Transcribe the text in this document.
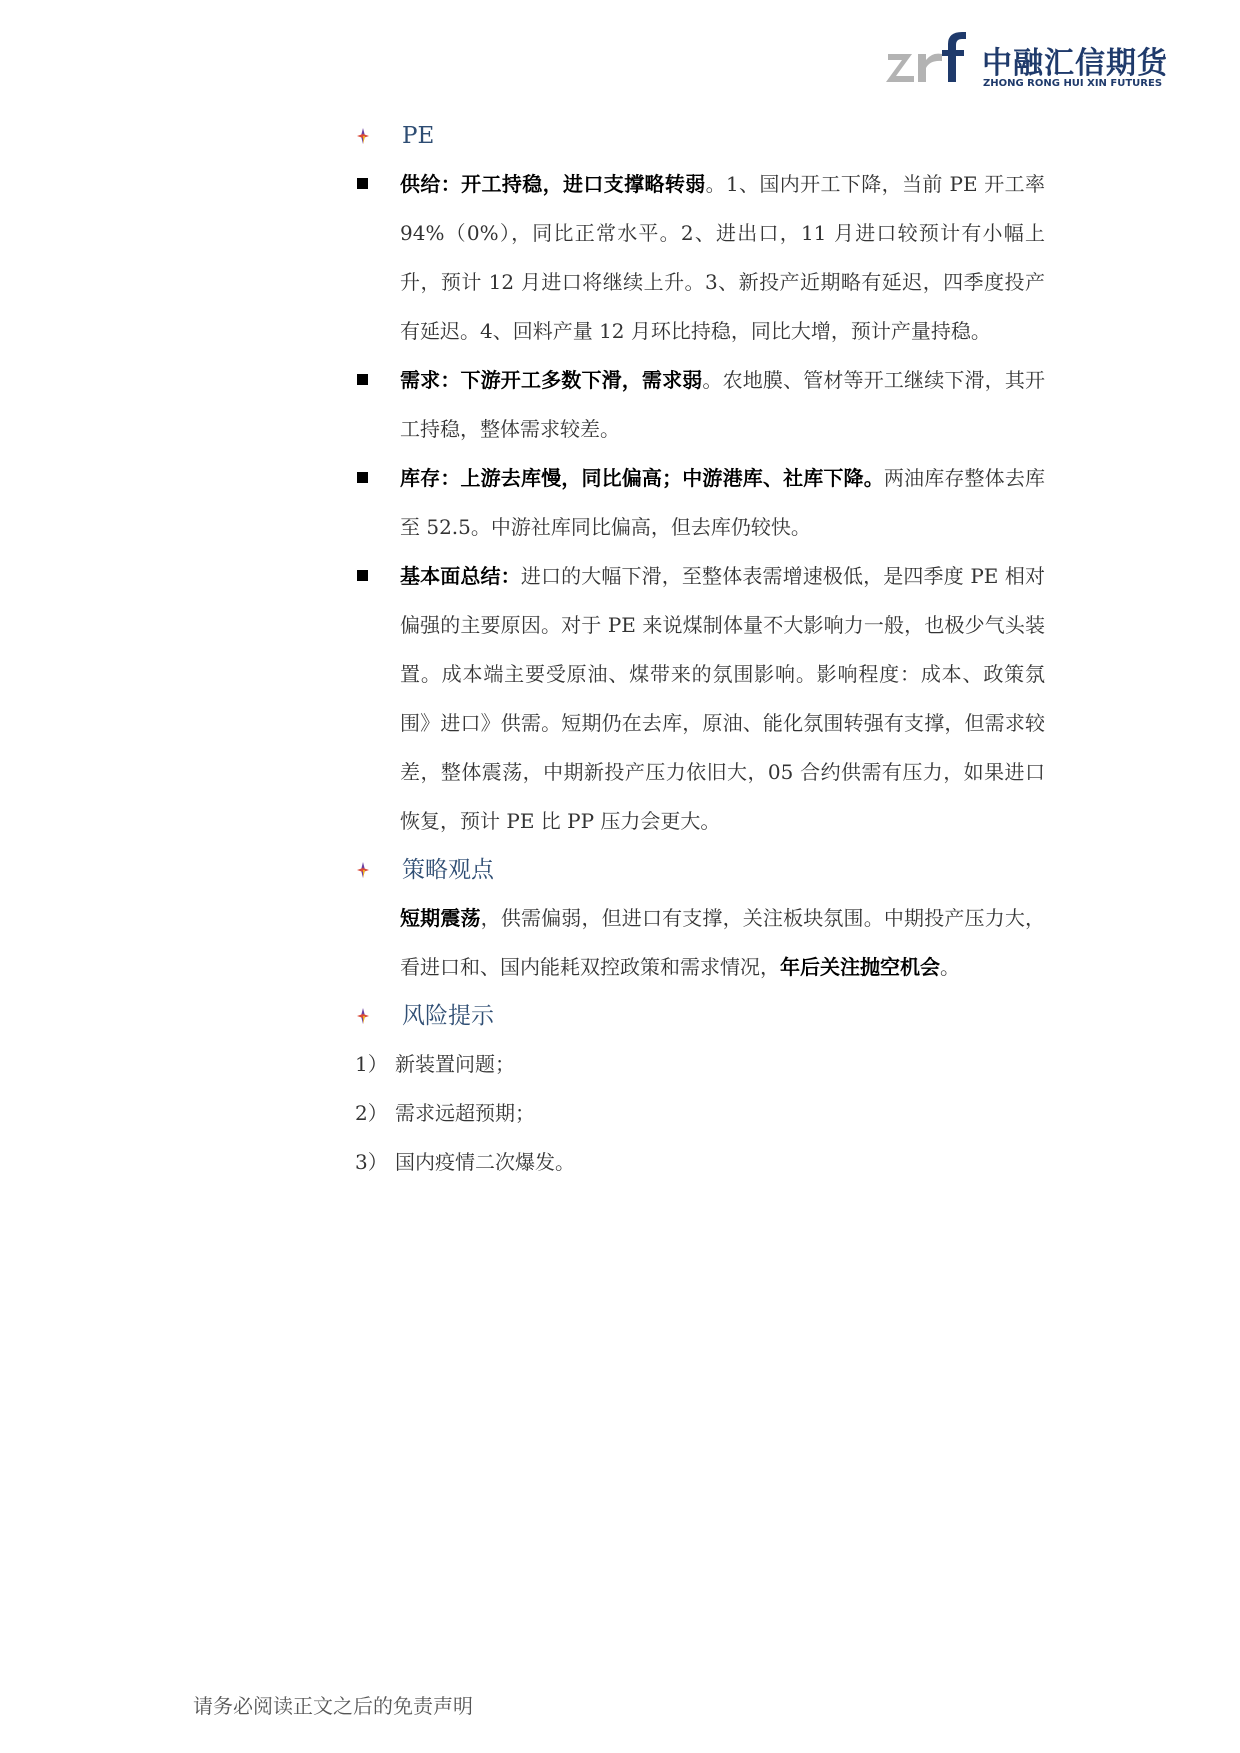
中融汇信期货
ZHONG RONG HUI XIN FUTURES
PE

供给：开工持稳，进口支撑略转弱。1、国内开工下降，当前 PE 开工率 94%（0%），同比正常水平。2、进出口，11 月进口较预计有小幅上升，预计 12 月进口将继续上升。3、新投产近期略有延迟，四季度投产有延迟。4、回料产量 12 月环比持稳，同比大增，预计产量持稳。

需求：下游开工多数下滑，需求弱。农地膜、管材等开工继续下滑，其开工持稳，整体需求较差。

库存：上游去库慢，同比偏高；中游港库、社库下降。两油库存整体去库至 52.5。中游社库同比偏高，但去库仍较快。

基本面总结：进口的大幅下滑，至整体表需增速极低，是四季度 PE 相对偏强的主要原因。对于 PE 来说煤制体量不大影响力一般，也极少气头装置。成本端主要受原油、煤带来的氛围影响。影响程度：成本、政策氛围》进口》供需。短期仍在去库，原油、能化氛围转强有支撑，但需求较差，整体震荡，中期新投产压力依旧大，05 合约供需有压力，如果进口恢复，预计 PE 比 PP 压力会更大。

策略观点

短期震荡，供需偏弱，但进口有支撑，关注板块氛围。中期投产压力大，看进口和、国内能耗双控政策和需求情况，年后关注抛空机会。

风险提示

1） 新装置问题；

2） 需求远超预期；

3） 国内疫情二次爆发。

请务必阅读正文之后的免责声明
